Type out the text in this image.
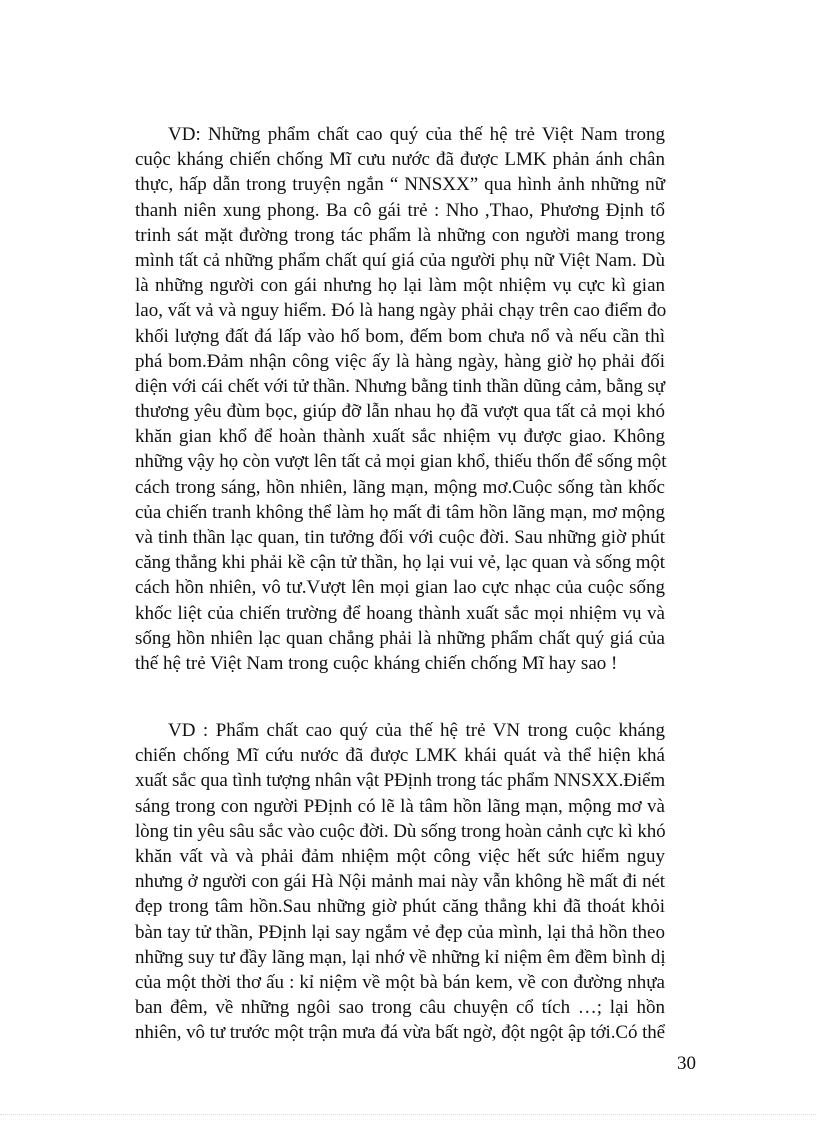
VD: Những phẩm chất cao quý của thế hệ trẻ Việt Nam trong
cuộc kháng chiến chống Mĩ cưu nước đã được LMK phản ánh chân
thực, hấp dẫn trong truyện ngắn “ NNSXX” qua hình ảnh những nữ
thanh niên xung phong. Ba cô gái trẻ : Nho ,Thao, Phương Định tổ
trinh sát mặt đường trong tác phẩm là những con người mang trong
mình tất cả những phẩm chất quí giá của người phụ nữ Việt Nam. Dù
là những người con gái nhưng họ lại làm một nhiệm vụ cực kì gian
lao, vất vả và nguy hiểm. Đó là hang ngày phải chạy trên cao điểm đo
khối lượng đất đá lấp vào hố bom, đếm bom chưa nổ và nếu cần thì
phá bom.Đảm nhận công việc ấy là hàng ngày, hàng giờ họ phải đối
diện với cái chết với tử thần. Nhưng bằng tinh thần dũng cảm, bằng sự
thương yêu đùm bọc, giúp đỡ lẫn nhau họ đã vượt qua tất cả mọi khó
khăn gian khổ để hoàn thành xuất sắc nhiệm vụ được giao. Không
những vậy họ còn vượt lên tất cả mọi gian khổ, thiếu thốn để sống một
cách trong sáng, hồn nhiên, lãng mạn, mộng mơ.Cuộc sống tàn khốc
của chiến tranh không thể làm họ mất đi tâm hồn lãng mạn, mơ mộng
và tinh thần lạc quan, tin tưởng đối với cuộc đời. Sau những giờ phút
căng thẳng khi phải kề cận tử thần, họ lại vui vẻ, lạc quan và sống một
cách hồn nhiên, vô tư.Vượt lên mọi gian lao cực nhạc của cuộc sống
khốc liệt của chiến trường để hoang thành xuất sắc mọi nhiệm vụ và
sống hồn nhiên lạc quan chẳng phải là những phẩm chất quý giá của
thế hệ trẻ Việt Nam trong cuộc kháng chiến chống Mĩ hay sao !
VD : Phẩm chất cao quý của thế hệ trẻ VN trong cuộc kháng
chiến chống Mĩ cứu nước đã được LMK khái quát và thể hiện khá
xuất sắc qua tình tượng nhân vật PĐịnh trong tác phẩm NNSXX.Điểm
sáng trong con người PĐịnh có lẽ là tâm hồn lãng mạn, mộng mơ và
lòng tin yêu sâu sắc vào cuộc đời. Dù sống trong hoàn cảnh cực kì khó
khăn vất và và phải đảm nhiệm một công việc hết sức hiểm nguy
nhưng ở người con gái Hà Nội mảnh mai này vẫn không hề mất đi nét
đẹp trong tâm hồn.Sau những giờ phút căng thẳng khi đã thoát khỏi
bàn tay tử thần, PĐịnh lại say ngắm vẻ đẹp của mình, lại thả hồn theo
những suy tư đầy lãng mạn, lại nhớ về những kỉ niệm êm đềm bình dị
của một thời thơ ấu : kỉ niệm về một bà bán kem, về con đường nhựa
ban đêm, về những ngôi sao trong câu chuyện cổ tích …; lại hồn
nhiên, vô tư trước một trận mưa đá vừa bất ngờ, đột ngột ập tới.Có thể
30
